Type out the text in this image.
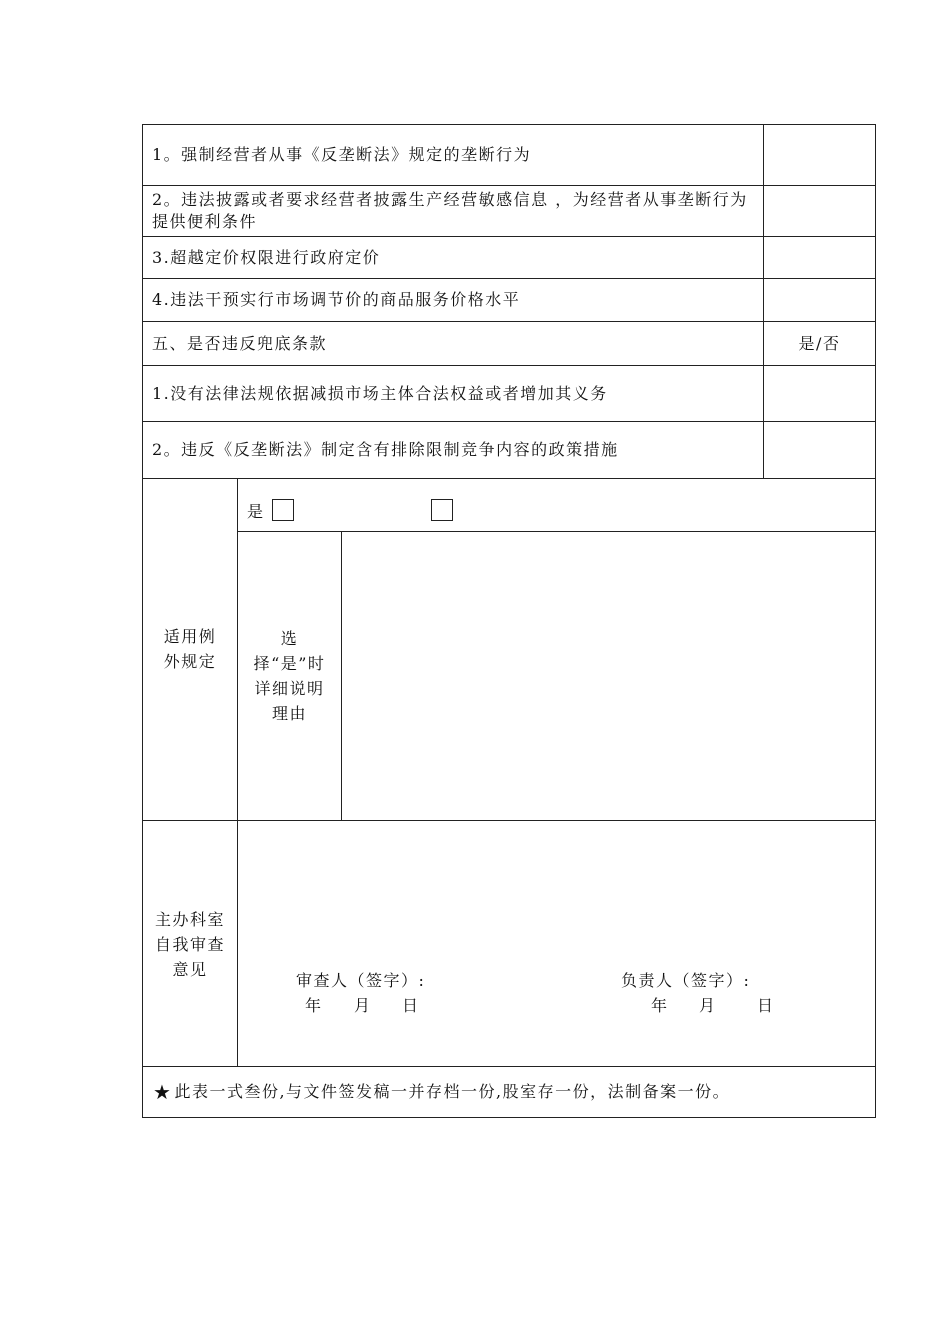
1。强制经营者从事《反垄断法》规定的垄断行为
2。违法披露或者要求经营者披露生产经营敏感信息 ，为经营者从事垄断行为提供便利条件
3.超越定价权限进行政府定价
4.违法干预实行市场调节价的商品服务价格水平
五、是否违反兜底条款	是/否
1.没有法律法规依据减损市场主体合法权益或者增加其义务
2。违反《反垄断法》制定含有排除限制竞争内容的政策措施
适用例外规定
是
选择“是”时详细说明理由
主办科室自我审查意见
审查人（签字）:
年 月 日
负责人（签字）:
年 月	日
★ 此表一式叁份,与文件签发稿一并存档一份,股室存一份，法制备案一份。
